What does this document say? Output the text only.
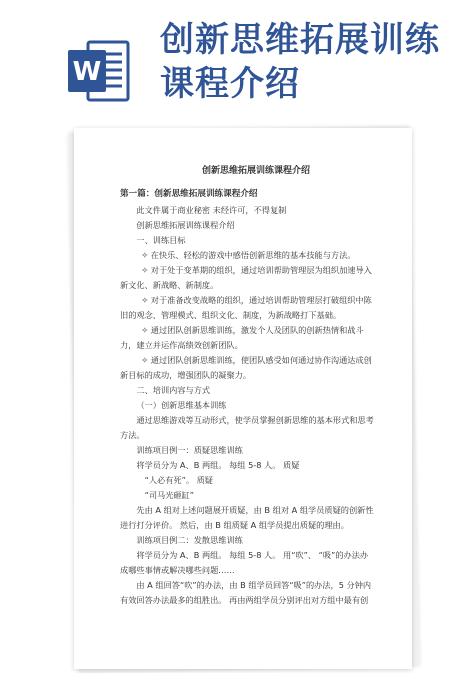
W
创新思维拓展训练
课程介绍
创新思维拓展训练课程介绍
第一篇：创新思维拓展训练课程介绍
此文件属于商业秘密 未经许可，不得复制
创新思维拓展训练课程介绍
一、训练目标
✧ 在快乐、轻松的游戏中感悟创新思维的基本技能与方法。
✧ 对于处于变革期的组织，通过培训帮助管理层为组织加速导入新文化、新战略、新制度。
✧ 对于准备改变战略的组织，通过培训帮助管理层打破组织中陈旧的观念、管理模式、组织文化、制度，为新战略打下基础。
✧ 通过团队创新思维训练，激发个人及团队的创新热情和战斗力，建立并运作高绩效创新团队。
✧ 通过团队创新思维训练，使团队感受如何通过协作沟通达成创新目标的成功，增强团队的凝聚力。
二、培训内容与方式
（一）创新思维基本训练
通过思维游戏等互动形式，使学员掌握创新思维的基本形式和思考方法。
训练项目例一：质疑思维训练
将学员分为 A、B 两组。 每组 5-8 人。 质疑
“人必有死”。 质疑
“司马光砸缸”
先由 A 组对上述问题展开质疑，由 B 组对 A 组学员质疑的创新性进行打分评价。 然后，由 B 组质疑 A 组学员提出质疑的理由。
训练项目例二：发散思维训练
将学员分为 A、B 两组。 每组 5-8 人。 用“吹”、 “吸”的办法办成哪些事情或解决哪些问题……
由 A 组回答“吹”的办法，由 B 组学员回答“吸”的办法，5 分钟内有效回答办法最多的组胜出。 再由两组学员分别评出对方组中最有创
